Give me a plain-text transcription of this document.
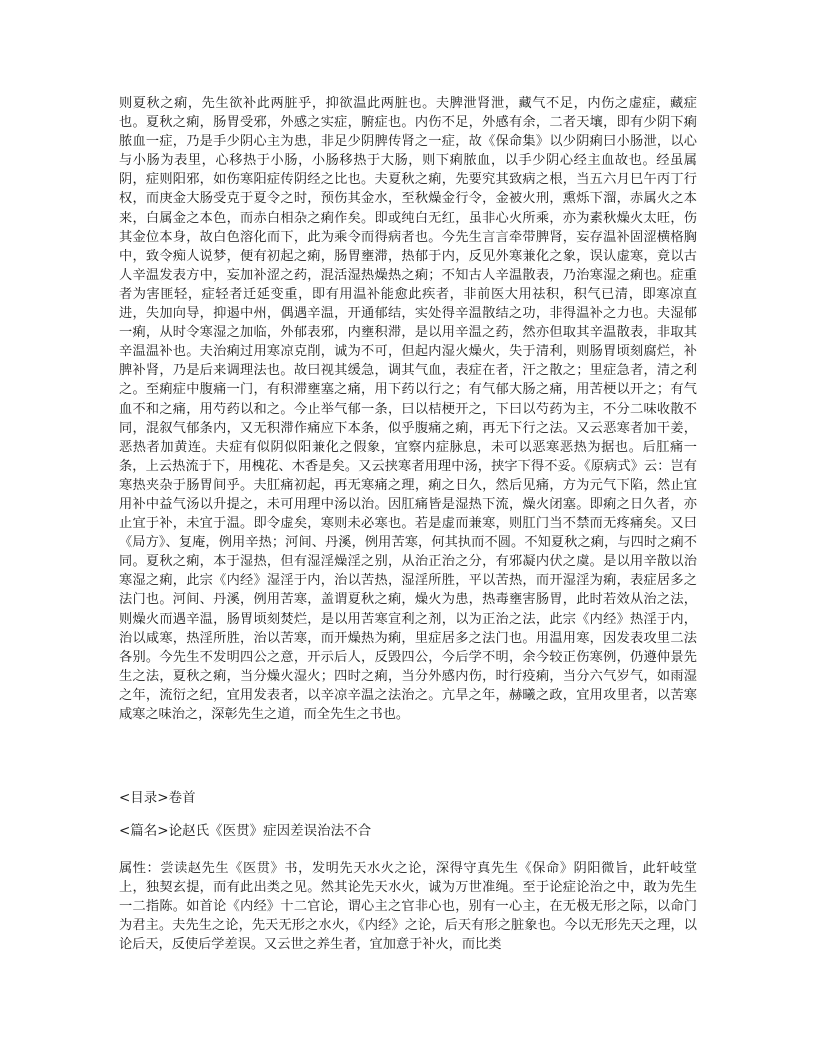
则夏秋之痢，先生欲补此两脏乎，抑欲温此两脏也。夫脾泄肾泄，藏气不足，内伤之虚症，藏症也。夏秋之痢，肠胃受邪，外感之实症，腑症也。内伤不足，外感有余，二者天壤，即有少阴下痢脓血一症，乃是手少阴心主为患，非足少阴脾传肾之一症，故《保命集》以少阴痢曰小肠泄，以心与小肠为表里，心移热于小肠，小肠移热于大肠，则下痢脓血，以手少阴心经主血故也。经虽属阴，症则阳邪，如伤寒阳症传阴经之比也。夫夏秋之痢，先要究其致病之根，当五六月巳午丙丁行权，而庚金大肠受克于夏令之时，预伤其金水，至秋燥金行令，金被火刑，熏烁下溜，赤属火之本来，白属金之本色，而赤白相杂之痢作矣。即或纯白无红，虽非心火所乘，亦为素秋燥火太旺，伤其金位本身，故白色溶化而下，此为乘令而得病者也。今先生言言牵带脾肾，妄存温补固涩横格胸中，致令痴人说梦，便有初起之痢，肠胃壅滞，热郁于内，反见外寒兼化之象，误认虚寒，竟以古人辛温发表方中，妄加补涩之药，混活湿热燥热之痢；不知古人辛温散表，乃治寒湿之痢也。症重者为害匪轻，症轻者迁延变重，即有用温补能愈此疾者，非前医大用祛积，积气已清，即寒凉直进，失加向导，抑遏中州，偶遇辛温，开通郁结，实处得辛温散结之功，非得温补之力也。夫湿郁一痢，从时令寒湿之加临，外郁表邪，内壅积滞，是以用辛温之药，然亦但取其辛温散表，非取其辛温温补也。夫治痢过用寒凉克削，诚为不可，但起内湿火燥火，失于清利，则肠胃顷刻腐烂，补脾补肾，乃是后来调理法也。故曰视其缓急，调其气血，表症在者，汗之散之；里症急者，清之利之。至痢症中腹痛一门，有积滞壅塞之痛，用下药以行之；有气郁大肠之痛，用苦梗以开之；有气血不和之痛，用芍药以和之。今止举气郁一条，曰以桔梗开之，下曰以芍药为主，不分二味收散不同，混叙气郁条内，又无积滞作痛应下本条，似乎腹痛之痢，再无下行之法。又云恶寒者加干姜，恶热者加黄连。夫症有似阴似阳兼化之假象，宜察内症脉息，未可以恶寒恶热为据也。后肛痛一条，上云热流于下，用槐花、木香是矣。又云挟寒者用理中汤，挟字下得不妥。《原病式》云：岂有寒热夹杂于肠胃间乎。夫肛痛初起，再无寒痛之理，痢之日久，然后见痛，方为元气下陷，然止宜用补中益气汤以升提之，未可用理中汤以治。因肛痛皆是湿热下流，燥火闭塞。即痢之日久者，亦止宜于补，未宜于温。即令虚矣，寒则未必寒也。若是虚而兼寒，则肛门当不禁而无疼痛矣。又曰《局方》、复庵，例用辛热；河间、丹溪，例用苦寒，何其执而不圆。不知夏秋之痢，与四时之痢不同。夏秋之痢，本于湿热，但有湿淫燥淫之别，从治正治之分，有邪凝内伏之虞。是以用辛散以治寒湿之痢，此宗《内经》湿淫于内，治以苦热，湿淫所胜，平以苦热，而开湿淫为痢，表症居多之法门也。河间、丹溪，例用苦寒，盖谓夏秋之痢，燥火为患，热毒壅害肠胃，此时若效从治之法，则燥火而遇辛温，肠胃顷刻焚烂，是以用苦寒宣利之剂，以为正治之法，此宗《内经》热淫于内，治以咸寒，热淫所胜，治以苦寒，而开燥热为痢，里症居多之法门也。用温用寒，因发表攻里二法各别。今先生不发明四公之意，开示后人，反毁四公，今后学不明，余今较正伤寒例，仍遵仲景先生之法，夏秋之痢，当分燥火湿火；四时之痢，当分外感内伤，时行疫痢，当分六气岁气，如雨湿之年，流衍之纪，宜用发表者，以辛凉辛温之法治之。亢旱之年，赫曦之政，宜用攻里者，以苦寒咸寒之味治之，深彰先生之道，而全先生之书也。

<目录>卷首

<篇名>论赵氏《医贯》症因差误治法不合

属性：尝读赵先生《医贯》书，发明先天水火之论，深得守真先生《保命》阴阳微旨，此轩岐堂上，独契玄提，而有此出类之见。然其论先天水火，诚为万世准绳。至于论症论治之中，敢为先生一二指陈。如首论《内经》十二官论，谓心主之官非心也，别有一心主，在无极无形之际，以命门为君主。夫先生之论，先天无形之水火，《内经》之论，后天有形之脏象也。今以无形先天之理，以论后天，反使后学差误。又云世之养生者，宜加意于补火，而比类
